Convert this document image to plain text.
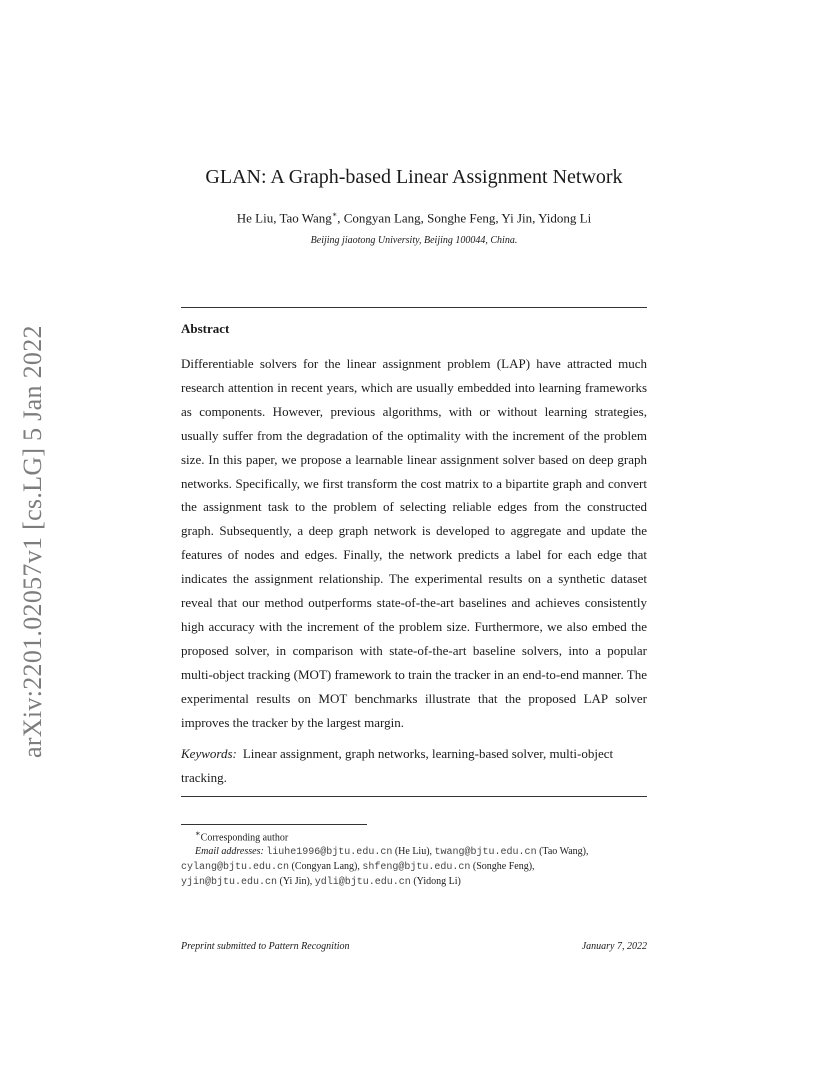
arXiv:2201.02057v1 [cs.LG] 5 Jan 2022
GLAN: A Graph-based Linear Assignment Network
He Liu, Tao Wang∗, Congyan Lang, Songhe Feng, Yi Jin, Yidong Li
Beijing jiaotong University, Beijing 100044, China.
Abstract

Differentiable solvers for the linear assignment problem (LAP) have attracted much research attention in recent years, which are usually embedded into learning frameworks as components. However, previous algorithms, with or without learning strategies, usually suffer from the degradation of the optimality with the increment of the problem size. In this paper, we propose a learnable linear assignment solver based on deep graph networks. Specifically, we first transform the cost matrix to a bipartite graph and convert the assignment task to the problem of selecting reliable edges from the constructed graph. Subsequently, a deep graph network is developed to aggregate and update the features of nodes and edges. Finally, the network predicts a label for each edge that indicates the assignment relationship. The experimental results on a synthetic dataset reveal that our method outperforms state-of-the-art baselines and achieves consistently high accuracy with the increment of the problem size. Furthermore, we also embed the proposed solver, in comparison with state-of-the-art baseline solvers, into a popular multi-object tracking (MOT) framework to train the tracker in an end-to-end manner. The experimental results on MOT benchmarks illustrate that the proposed LAP solver improves the tracker by the largest margin.

Keywords: Linear assignment, graph networks, learning-based solver, multi-object tracking.
∗Corresponding author
Email addresses: liuhe1996@bjtu.edu.cn (He Liu), twang@bjtu.edu.cn (Tao Wang),
cylang@bjtu.edu.cn (Congyan Lang), shfeng@bjtu.edu.cn (Songhe Feng),
yjin@bjtu.edu.cn (Yi Jin), ydli@bjtu.edu.cn (Yidong Li)
Preprint submitted to Pattern Recognition	January 7, 2022
